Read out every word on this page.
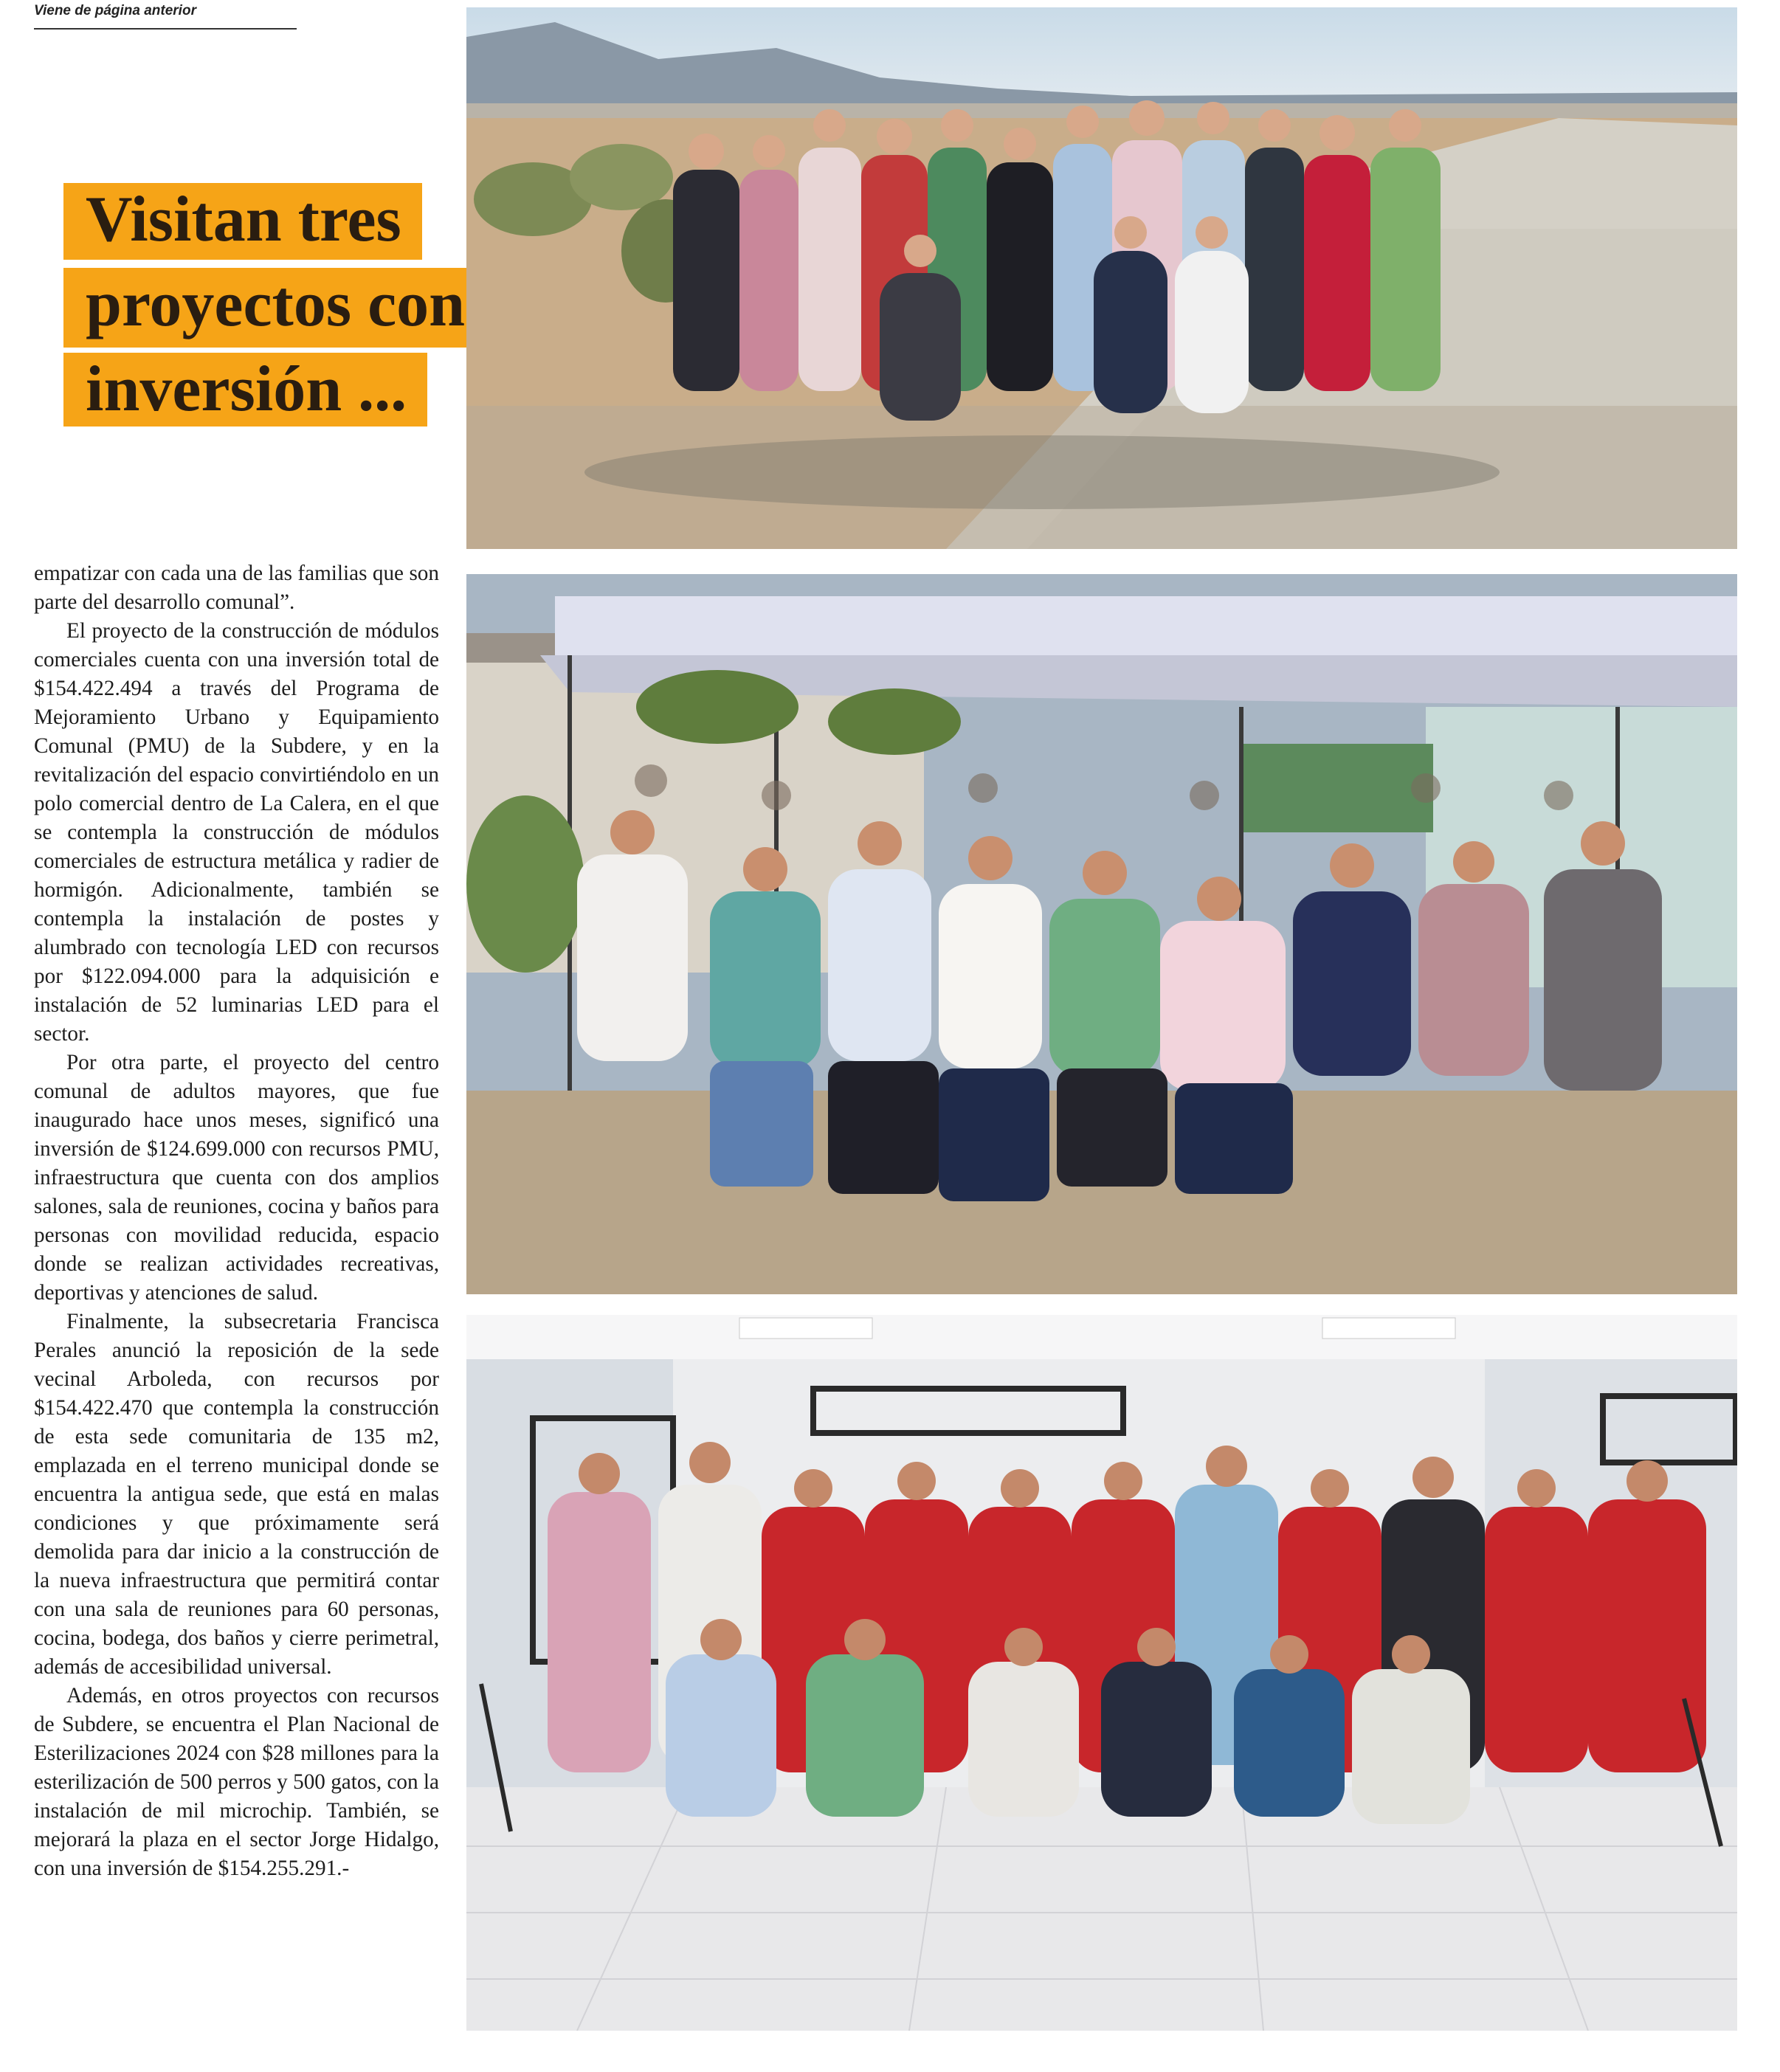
Viene de página anterior
Visitan tres
proyectos con
inversión ...

empatizar con cada una de las familias que son parte del desarrollo comunal”.

El proyecto de la construcción de módulos comerciales cuenta con una inversión total de $154.422.494 a través del Programa de Mejoramiento Urbano y Equipamiento Comunal (PMU) de la Subdere, y en la revitalización del espacio convirtiéndolo en un polo comercial dentro de La Calera, en el que se contempla la construcción de módulos comerciales de estructura metálica y radier de hormigón. Adicionalmente, también se contempla la instalación de postes y alumbrado con tecnología LED con recursos por $122.094.000 para la adquisición e instalación de 52 luminarias LED para el sector.

Por otra parte, el proyecto del centro comunal de adultos mayores, que fue inaugurado hace unos meses, significó una inversión de $124.699.000 con recursos PMU, infraestructura que cuenta con dos amplios salones, sala de reuniones, cocina y baños para personas con movilidad reducida, espacio donde se realizan actividades recreativas, deportivas y atenciones de salud.

Finalmente, la subsecretaria Francisca Perales anunció la reposición de la sede vecinal Arboleda, con recursos por $154.422.470 que contempla la construcción de esta sede comunitaria de 135 m2, emplazada en el terreno municipal donde se encuentra la antigua sede, que está en malas condiciones y que próximamente será demolida para dar inicio a la construcción de la nueva infraestructura que permitirá contar con una sala de reuniones para 60 personas, cocina, bodega, dos baños y cierre perimetral, además de accesibilidad universal.

Además, en otros proyectos con recursos de Subdere, se encuentra el Plan Nacional de Esterilizaciones 2024 con $28 millones para la esterilización de 500 perros y 500 gatos, con la instalación de mil microchip. También, se mejorará la plaza en el sector Jorge Hidalgo, con una inversión de $154.255.291.-
